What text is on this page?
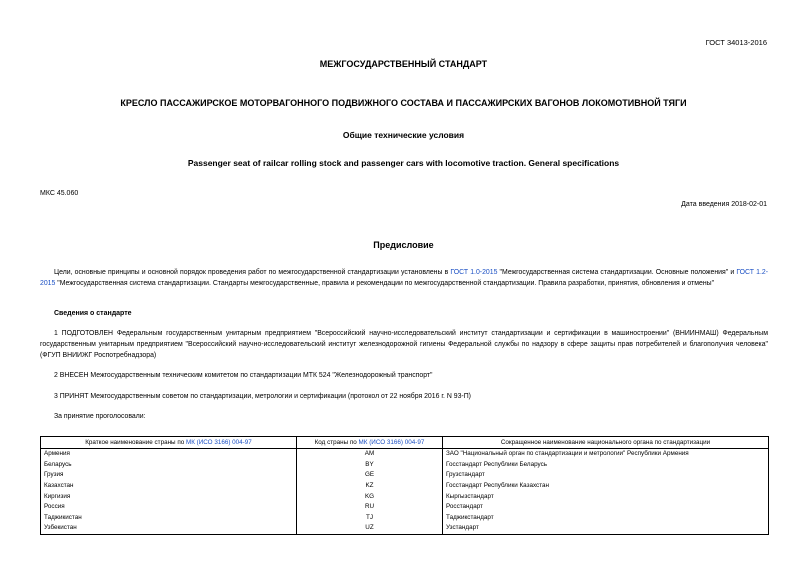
ГОСТ 34013-2016
МЕЖГОСУДАРСТВЕННЫЙ СТАНДАРТ
КРЕСЛО ПАССАЖИРСКОЕ МОТОРВАГОННОГО ПОДВИЖНОГО СОСТАВА И ПАССАЖИРСКИХ ВАГОНОВ ЛОКОМОТИВНОЙ ТЯГИ
Общие технические условия
Passenger seat of railcar rolling stock and passenger cars with locomotive traction. General specifications
МКС 45.060
Дата введения 2018-02-01
Предисловие

Цели, основные принципы и основной порядок проведения работ по межгосударственной стандартизации установлены в ГОСТ 1.0-2015 "Межгосударственная система стандартизации. Основные положения" и ГОСТ 1.2-2015 "Межгосударственная система стандартизации. Стандарты межгосударственные, правила и рекомендации по межгосударственной стандартизации. Правила разработки, принятия, обновления и отмены"

Сведения о стандарте

1 ПОДГОТОВЛЕН Федеральным государственным унитарным предприятием "Всероссийский научно-исследовательский институт стандартизации и сертификации в машиностроении" (ВНИИНМАШ) Федеральным государственным унитарным предприятием "Всероссийский научно-исследовательский институт железнодорожной гигиены Федеральной службы по надзору в сфере защиты прав потребителей и благополучия человека" (ФГУП ВНИИЖГ Роспотребнадзора)

2 ВНЕСЕН Межгосударственным техническим комитетом по стандартизации МТК 524 "Железнодорожный транспорт"

3 ПРИНЯТ Межгосударственным советом по стандартизации, метрологии и сертификации (протокол от 22 ноября 2016 г. N 93-П)

За принятие проголосовали:

Краткое наименование страны по МК (ИСО 3166) 004-97	Код страны по МК (ИСО 3166) 004-97	Сокращенное наименование национального органа по стандартизации
Армения	AM	ЗАО "Национальный орган по стандартизации и метрологии" Республики Армения
Беларусь	BY	Госстандарт Республики Беларусь
Грузия	GE	Грузстандарт
Казахстан	KZ	Госстандарт Республики Казахстан
Киргизия	KG	Кыргызстандарт
Россия	RU	Росстандарт
Таджикистан	TJ	Таджикстандарт
Узбекистан	UZ	Узстандарт
